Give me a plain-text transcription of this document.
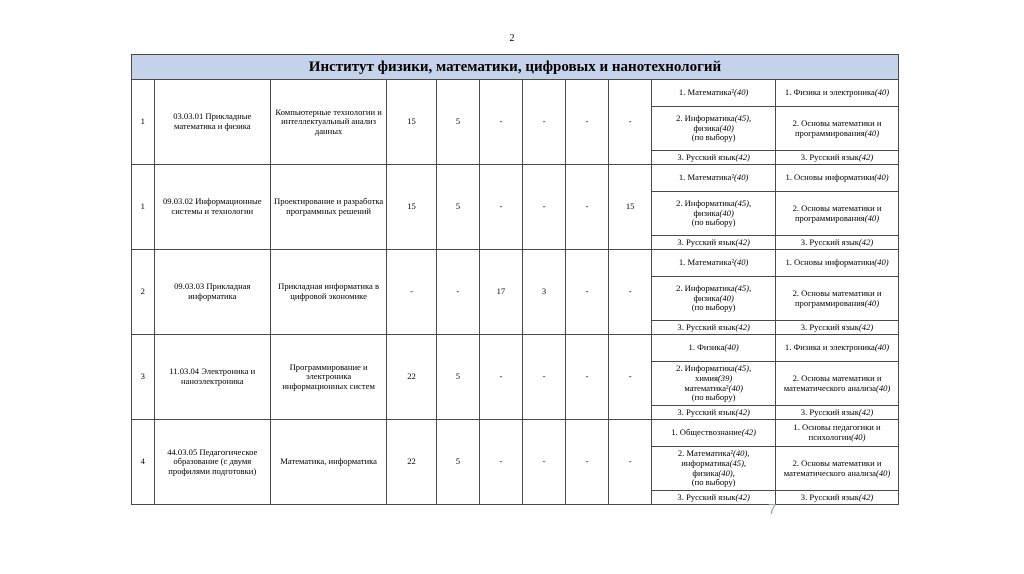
2
Институт физики, математики, цифровых и нанотехнологий										
1	03.03.01 Прикладные математика и физика	Компьютерные технологии и интеллектуальный анализ данных	15	5	-	-	-	-	1. Математика²(40)	1. Физика и электроника(40)
									2. Информатика(45),
физика(40)
(по выбору)	2. Основы математики и программирования(40)
									3. Русский язык(42)	3. Русский язык(42)
1	09.03.02 Информационные системы и технологии	Проектирование и разработка программных решений	15	5	-	-	-	15	1. Математика²(40)	1. Основы информатики(40)
									2. Информатика(45),
физика(40)
(по выбору)	2. Основы математики и программирования(40)
									3. Русский язык(42)	3. Русский язык(42)
2	09.03.03 Прикладная информатика	Прикладная информатика в цифровой экономике	-	-	17	3	-	-	1. Математика²(40)	1. Основы информатики(40)
									2. Информатика(45),
физика(40)
(по выбору)	2. Основы математики и программирования(40)
									3. Русский язык(42)	3. Русский язык(42)
3	11.03.04 Электроника и наноэлектроника	Программирование и электроника информационных систем	22	5	-	-	-	-	1. Физика(40)	1. Физика и электроника(40)
									2. Информатика(45),
химия(39)
математика²(40)
(по выбору)	2. Основы математики и математического анализа(40)
									3. Русский язык(42)	3. Русский язык(42)
4	44.03.05 Педагогическое образование (с двумя профилями подготовки)	Математика, информатика	22	5	-	-	-	-	1. Обществознание(42)	1. Основы педагогики и психологии(40)
									2. Математика²(40),
информатика(45),
физика(40),
(по выбору)	2. Основы математики и математического анализа(40)
									3. Русский язык(42)	3. Русский язык(42)
7
